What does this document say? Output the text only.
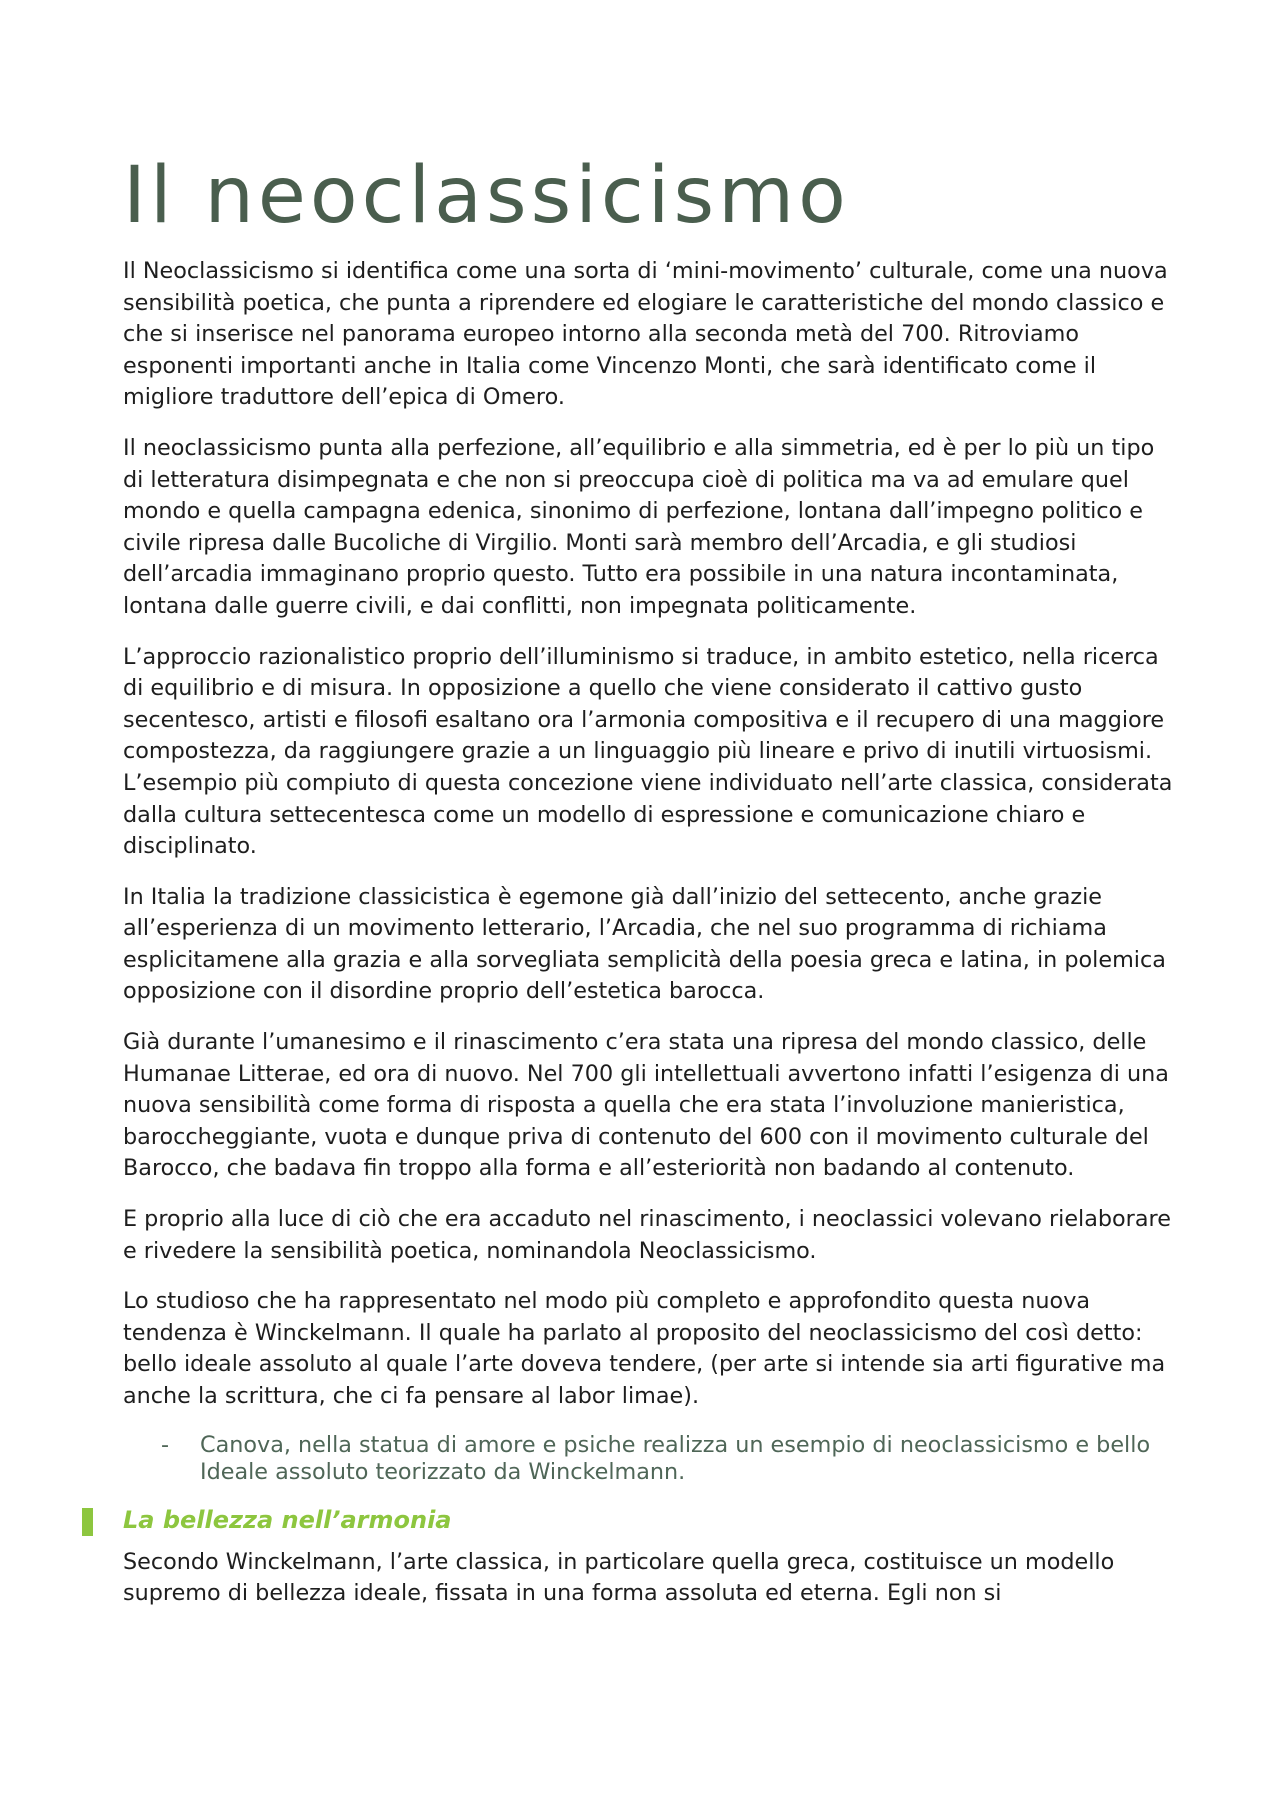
Il neoclassicismo

Il Neoclassicismo si identifica come una sorta di ‘mini-movimento’ culturale, come una nuova sensibilità poetica, che punta a riprendere ed elogiare le caratteristiche del mondo classico e che si inserisce nel panorama europeo intorno alla seconda metà del 700. Ritroviamo esponenti importanti anche in Italia come Vincenzo Monti, che sarà identificato come il migliore traduttore dell’epica di Omero.

Il neoclassicismo punta alla perfezione, all’equilibrio e alla simmetria, ed è per lo più un tipo di letteratura disimpegnata e che non si preoccupa cioè di politica ma va ad emulare quel mondo e quella campagna edenica, sinonimo di perfezione, lontana dall’impegno politico e civile ripresa dalle Bucoliche di Virgilio. Monti sarà membro dell’Arcadia, e gli studiosi dell’arcadia immaginano proprio questo. Tutto era possibile in una natura incontaminata, lontana dalle guerre civili, e dai conflitti, non impegnata politicamente.

L’approccio razionalistico proprio dell’illuminismo si traduce, in ambito estetico, nella ricerca di equilibrio e di misura. In opposizione a quello che viene considerato il cattivo gusto secentesco, artisti e filosofi esaltano ora l’armonia compositiva e il recupero di una maggiore compostezza, da raggiungere grazie a un linguaggio più lineare e privo di inutili virtuosismi. L’esempio più compiuto di questa concezione viene individuato nell’arte classica, considerata dalla cultura settecentesca come un modello di espressione e comunicazione chiaro e disciplinato.

In Italia la tradizione classicistica è egemone già dall’inizio del settecento, anche grazie all’esperienza di un movimento letterario, l’Arcadia, che nel suo programma di richiama esplicitamene alla grazia e alla sorvegliata semplicità della poesia greca e latina, in polemica opposizione con il disordine proprio dell’estetica barocca.

Già durante l’umanesimo e il rinascimento c’era stata una ripresa del mondo classico, delle Humanae Litterae, ed ora di nuovo. Nel 700 gli intellettuali avvertono infatti l’esigenza di una nuova sensibilità come forma di risposta a quella che era stata l’involuzione manieristica, baroccheggiante, vuota e dunque priva di contenuto del 600 con il movimento culturale del Barocco, che badava fin troppo alla forma e all’esteriorità non badando al contenuto.

E proprio alla luce di ciò che era accaduto nel rinascimento, i neoclassici volevano rielaborare e rivedere la sensibilità poetica, nominandola Neoclassicismo.

Lo studioso che ha rappresentato nel modo più completo e approfondito questa nuova tendenza è Winckelmann. Il quale ha parlato al proposito del neoclassicismo del così detto: bello ideale assoluto al quale l’arte doveva tendere, (per arte si intende sia arti figurative ma anche la scrittura, che ci fa pensare al labor limae).

- Canova, nella statua di amore e psiche realizza un esempio di neoclassicismo e bello Ideale assoluto teorizzato da Winckelmann.
La bellezza nell’armonia

Secondo Winckelmann, l’arte classica, in particolare quella greca, costituisce un modello supremo di bellezza ideale, fissata in una forma assoluta ed eterna. Egli non si
